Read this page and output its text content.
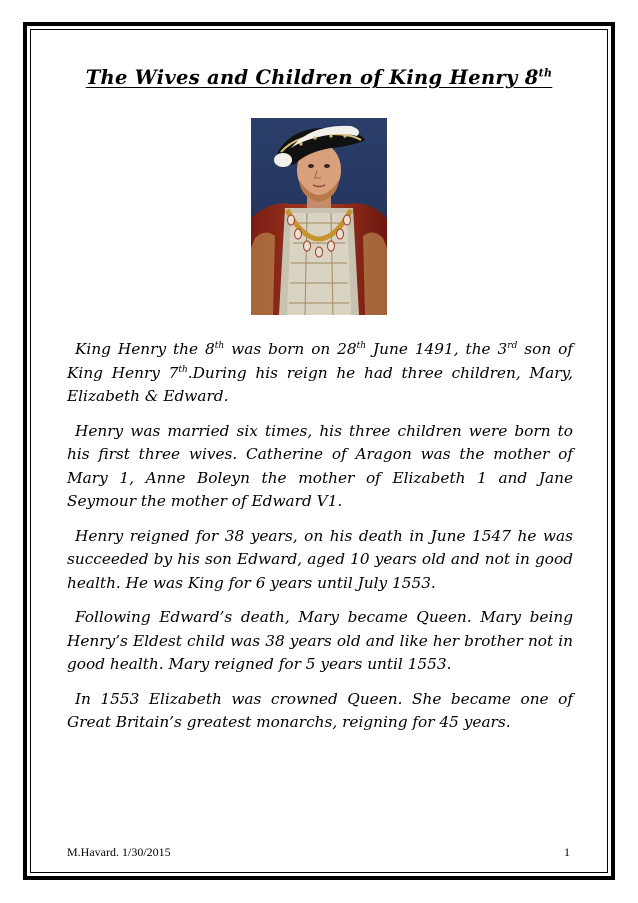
The Wives and Children of King Henry 8th

King Henry the 8th was born on 28th June 1491, the 3rd son of King Henry 7th.During his reign he had three children, Mary, Elizabeth & Edward.

Henry was married six times, his three children were born to his first three wives. Catherine of Aragon was the mother of Mary 1, Anne Boleyn the mother of Elizabeth 1 and Jane Seymour the mother of Edward V1.

Henry reigned for 38 years, on his death in June 1547 he was succeeded by his son Edward, aged 10 years old and not in good health. He was King for 6 years until July 1553.

Following Edward’s death, Mary became Queen. Mary being Henry’s Eldest child was 38 years old and like her brother not in good health. Mary reigned for 5 years until 1553.

In 1553 Elizabeth was crowned Queen. She became one of Great Britain’s greatest monarchs, reigning for 45 years.

M.Havard. 1/30/2015	1
